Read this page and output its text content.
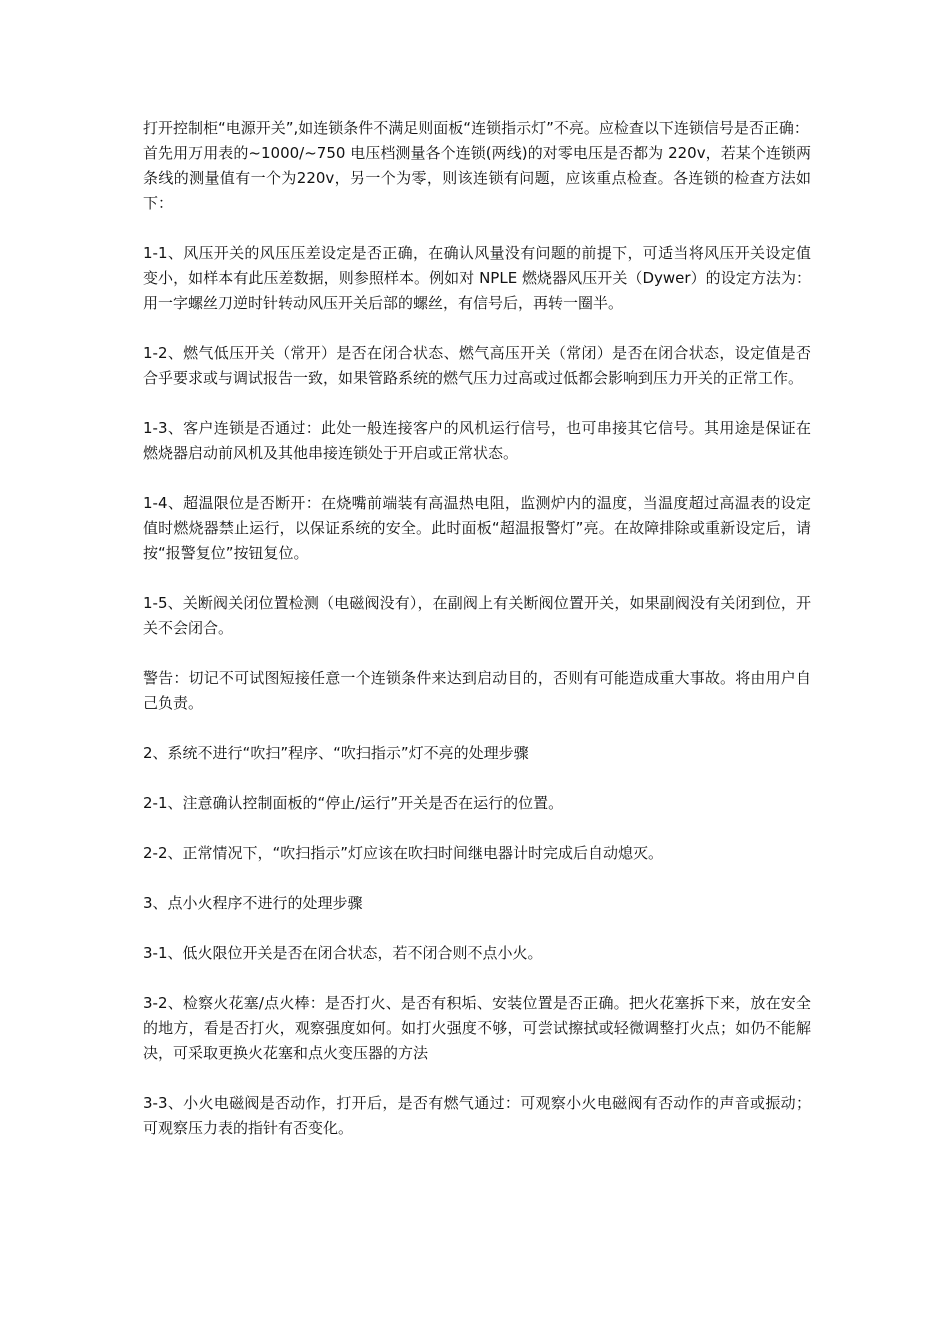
打开控制柜“电源开关”,如连锁条件不满足则面板“连锁指示灯”不亮。应检查以下连锁信号是否正确：

首先用万用表的~1000/~750 电压档测量各个连锁(两线)的对零电压是否都为 220v，若某个连锁两条线的测量值有一个为220v，另一个为零，则该连锁有问题，应该重点检查。各连锁的检查方法如下：

1-1、风压开关的风压压差设定是否正确，在确认风量没有问题的前提下，可适当将风压开关设定值变小，如样本有此压差数据，则参照样本。例如对 NPLE 燃烧器风压开关（Dywer）的设定方法为：用一字螺丝刀逆时针转动风压开关后部的螺丝，有信号后，再转一圈半。

1-2、燃气低压开关（常开）是否在闭合状态、燃气高压开关（常闭）是否在闭合状态，设定值是否合乎要求或与调试报告一致，如果管路系统的燃气压力过高或过低都会影响到压力开关的正常工作。

1-3、客户连锁是否通过：此处一般连接客户的风机运行信号，也可串接其它信号。其用途是保证在燃烧器启动前风机及其他串接连锁处于开启或正常状态。

1-4、超温限位是否断开：在烧嘴前端装有高温热电阻，监测炉内的温度，当温度超过高温表的设定值时燃烧器禁止运行，以保证系统的安全。此时面板“超温报警灯”亮。在故障排除或重新设定后，请按“报警复位”按钮复位。

1-5、关断阀关闭位置检测（电磁阀没有），在副阀上有关断阀位置开关，如果副阀没有关闭到位，开关不会闭合。

警告：切记不可试图短接任意一个连锁条件来达到启动目的，否则有可能造成重大事故。将由用户自己负责。

2、系统不进行“吹扫”程序、“吹扫指示”灯不亮的处理步骤

2-1、注意确认控制面板的“停止/运行”开关是否在运行的位置。

2-2、正常情况下，“吹扫指示”灯应该在吹扫时间继电器计时完成后自动熄灭。

3、点小火程序不进行的处理步骤

3-1、低火限位开关是否在闭合状态，若不闭合则不点小火。

3-2、检察火花塞/点火棒：是否打火、是否有积垢、安装位置是否正确。把火花塞拆下来，放在安全的地方，看是否打火，观察强度如何。如打火强度不够，可尝试擦拭或轻微调整打火点；如仍不能解决，可采取更换火花塞和点火变压器的方法

3-3、小火电磁阀是否动作，打开后，是否有燃气通过：可观察小火电磁阀有否动作的声音或振动；可观察压力表的指针有否变化。
